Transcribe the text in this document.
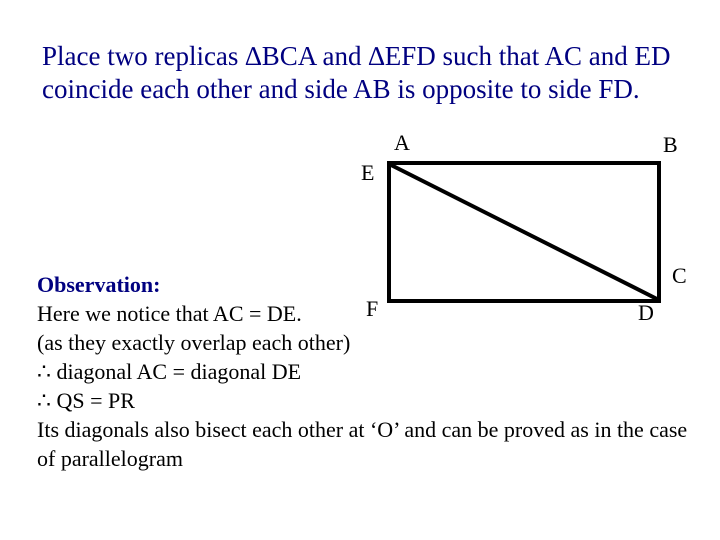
Place two replicas ∆BCA and ∆EFD such that AC and ED coincide each other and side AB is opposite to side FD.
A	B
E
C
D
F
Observation:
Here we notice that AC = DE.
(as they exactly overlap each other)
∴ diagonal AC = diagonal DE
∴ QS = PR
Its diagonals also bisect each other at ‘O’ and can be proved as in the case of parallelogram
